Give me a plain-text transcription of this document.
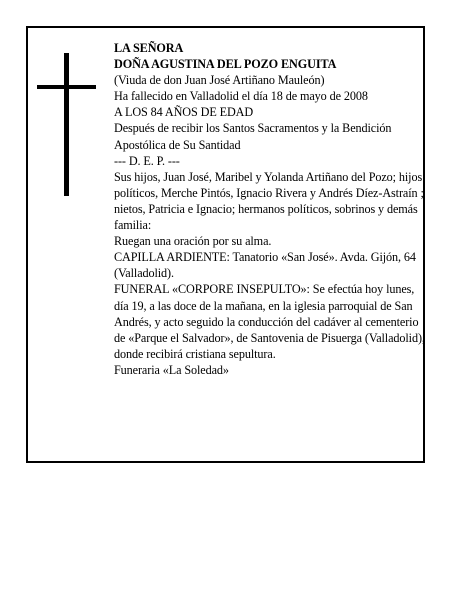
LA SEÑORA

DOÑA AGUSTINA DEL POZO ENGUITA

(Viuda de don Juan José Artiñano Mauleón)

Ha fallecido en Valladolid el día 18 de mayo de 2008

A LOS 84 AÑOS DE EDAD

Después de recibir los Santos Sacramentos y la Bendición Apostólica de Su Santidad

--- D. E. P. ---

Sus hijos, Juan José, Maribel y Yolanda Artiñano del Pozo; hijos políticos, Merche Pintós, Ignacio Rivera y Andrés Díez-Astraín ; nietos, Patricia e Ignacio; hermanos políticos, sobrinos y demás familia:

Ruegan una oración por su alma.

CAPILLA ARDIENTE: Tanatorio «San José». Avda. Gijón, 64 (Valladolid).

FUNERAL «CORPORE INSEPULTO»: Se efectúa hoy lunes, día 19, a las doce de la mañana, en la iglesia parroquial de San Andrés, y acto seguido la conducción del cadáver al cementerio de «Parque el Salvador», de Santovenia de Pisuerga (Valladolid), donde recibirá cristiana sepultura.

Funeraria «La Soledad»
